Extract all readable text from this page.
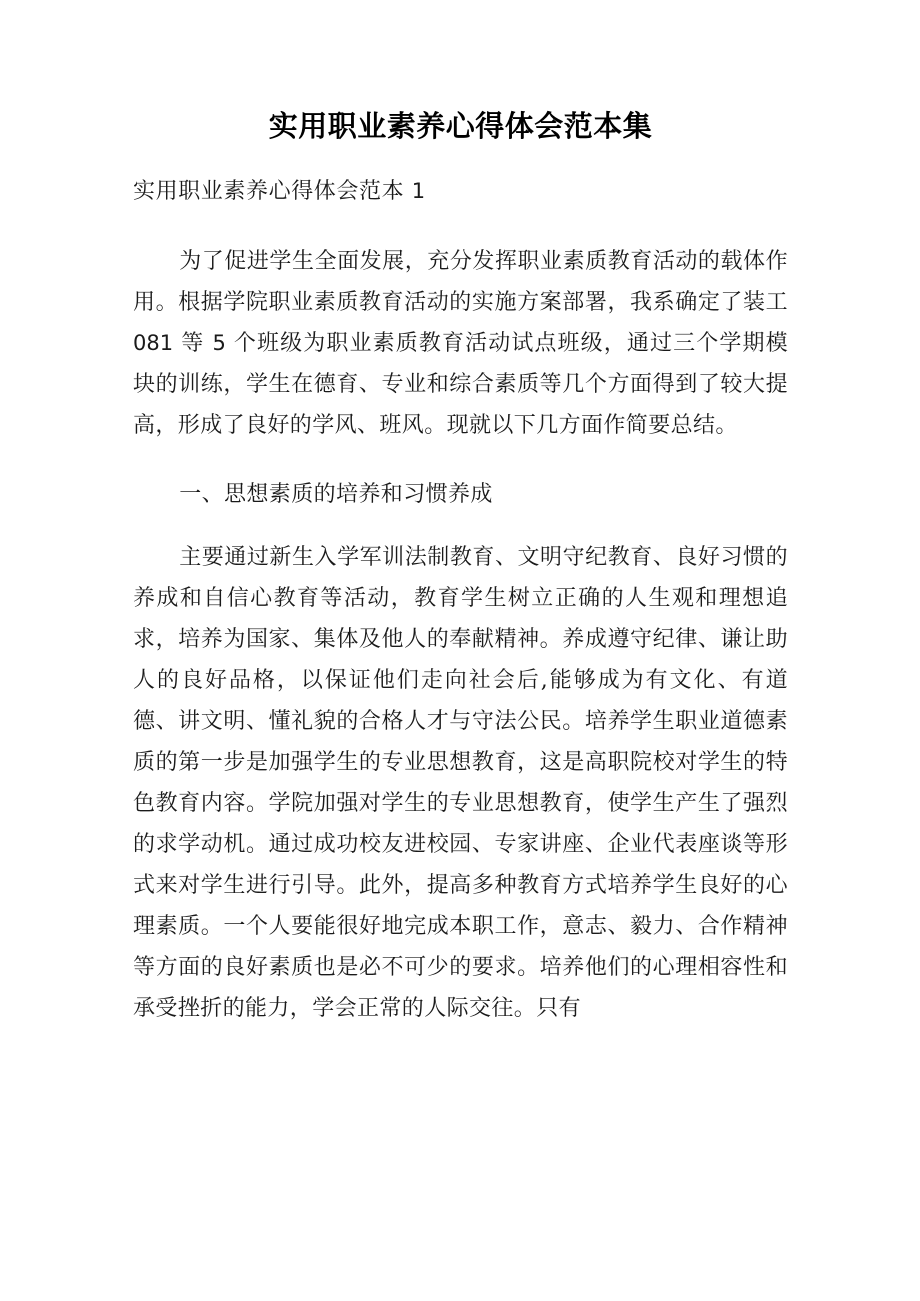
实用职业素养心得体会范本集

实用职业素养心得体会范本 1

为了促进学生全面发展，充分发挥职业素质教育活动的载体作用。根据学院职业素质教育活动的实施方案部署，我系确定了装工 081 等 5 个班级为职业素质教育活动试点班级，通过三个学期模块的训练，学生在德育、专业和综合素质等几个方面得到了较大提高，形成了良好的学风、班风。现就以下几方面作简要总结。

一、思想素质的培养和习惯养成

主要通过新生入学军训法制教育、文明守纪教育、良好习惯的养成和自信心教育等活动，教育学生树立正确的人生观和理想追求，培养为国家、集体及他人的奉献精神。养成遵守纪律、谦让助人的良好品格，以保证他们走向社会后,能够成为有文化、有道德、讲文明、懂礼貌的合格人才与守法公民。培养学生职业道德素质的第一步是加强学生的专业思想教育，这是高职院校对学生的特色教育内容。学院加强对学生的专业思想教育，使学生产生了强烈的求学动机。通过成功校友进校园、专家讲座、企业代表座谈等形式来对学生进行引导。此外，提高多种教育方式培养学生良好的心理素质。一个人要能很好地完成本职工作，意志、毅力、合作精神等方面的良好素质也是必不可少的要求。培养他们的心理相容性和承受挫折的能力，学会正常的人际交往。只有
